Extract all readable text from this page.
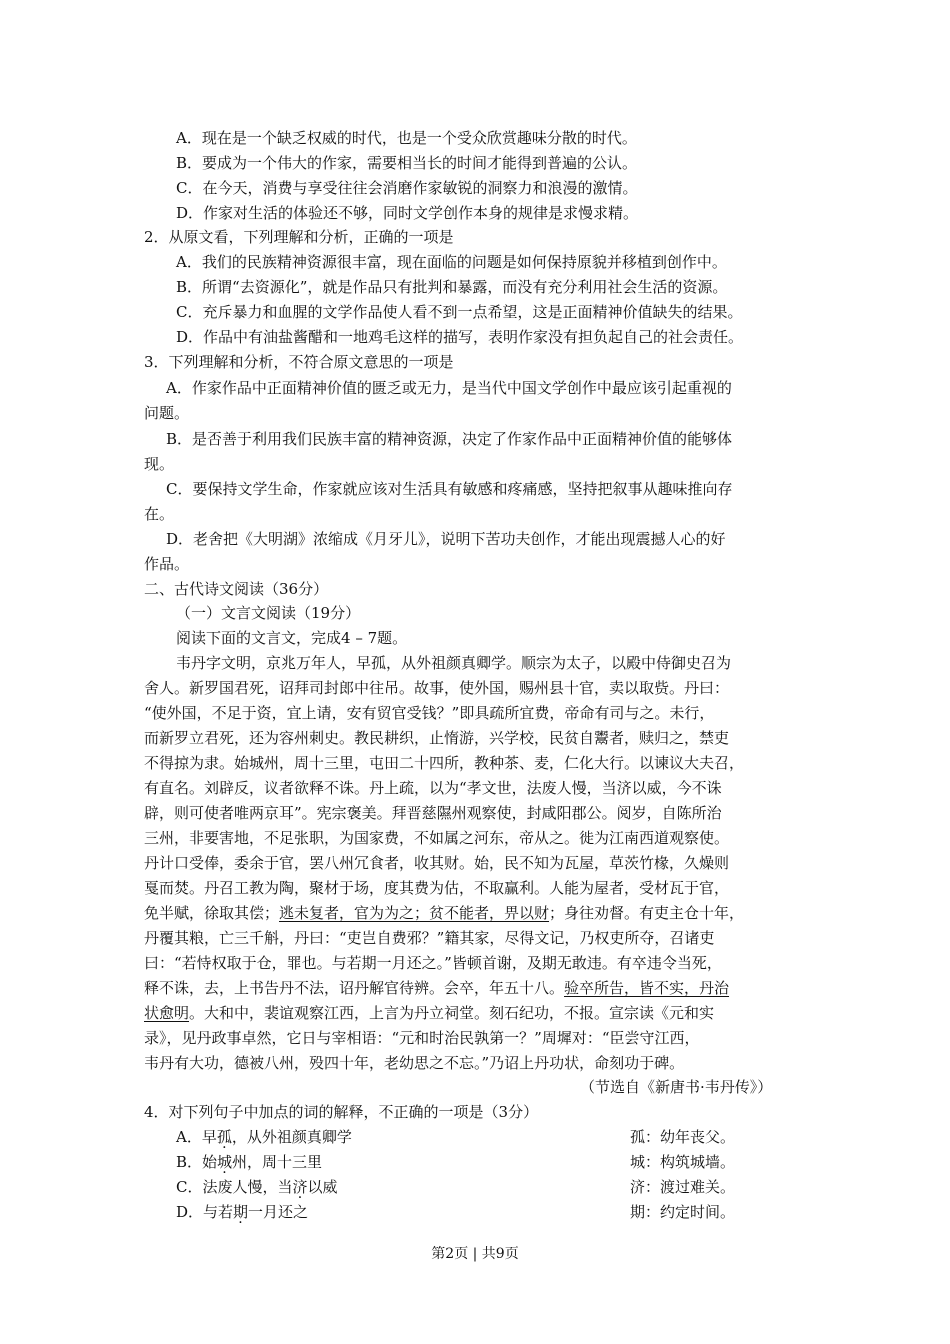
A．现在是一个缺乏权威的时代，也是一个受众欣赏趣味分散的时代。
B．要成为一个伟大的作家，需要相当长的时间才能得到普遍的公认。
C．在今天，消费与享受往往会消磨作家敏锐的洞察力和浪漫的激情。
D．作家对生活的体验还不够，同时文学创作本身的规律是求慢求精。
2．从原文看，下列理解和分析，正确的一项是
A．我们的民族精神资源很丰富，现在面临的问题是如何保持原貌并移植到创作中。
B．所谓“去资源化”，就是作品只有批判和暴露，而没有充分利用社会生活的资源。
C．充斥暴力和血腥的文学作品使人看不到一点希望，这是正面精神价值缺失的结果。
D．作品中有油盐酱醋和一地鸡毛这样的描写，表明作家没有担负起自己的社会责任。
3．下列理解和分析，不符合原文意思的一项是
A．作家作品中正面精神价值的匮乏或无力，是当代中国文学创作中最应该引起重视的
问题。
B．是否善于利用我们民族丰富的精神资源，决定了作家作品中正面精神价值的能够体
现。
C．要保持文学生命，作家就应该对生活具有敏感和疼痛感，坚持把叙事从趣味推向存
在。
D．老舍把《大明湖》浓缩成《月牙儿》，说明下苦功夫创作，才能出现震撼人心的好
作品。
二、古代诗文阅读（36分）
（一）文言文阅读（19分）
阅读下面的文言文，完成4 – 7题。
韦丹字文明，京兆万年人，早孤，从外祖颜真卿学。顺宗为太子，以殿中侍御史召为
舍人。新罗国君死，诏拜司封郎中往吊。故事，使外国，赐州县十官，卖以取赀。丹曰：
“使外国，不足于资，宜上请，安有贸官受钱？”即具疏所宜费，帝命有司与之。未行，
而新罗立君死，还为容州刺史。教民耕织，止惰游，兴学校，民贫自鬻者，赎归之，禁吏
不得掠为隶。始城州，周十三里，屯田二十四所，教种茶、麦，仁化大行。以谏议大夫召，
有直名。刘辟反，议者欲释不诛。丹上疏，以为“孝文世，法废人慢，当济以威，今不诛
辟，则可使者唯两京耳”。宪宗褒美。拜晋慈隰州观察使，封咸阳郡公。阅岁，自陈所治
三州，非要害地，不足张职，为国家费，不如属之河东，帝从之。徙为江南西道观察使。
丹计口受俸，委余于官，罢八州冗食者，收其财。始，民不知为瓦屋，草茨竹椽，久燥则
戛而焚。丹召工教为陶，聚材于场，度其费为估，不取赢利。人能为屋者，受材瓦于官，
免半赋，徐取其偿；逃未复者，官为为之；贫不能者，畀以财；身往劝督。有吏主仓十年，
丹覆其粮，亡三千斛，丹曰：“吏岂自费邪？”籍其家，尽得文记，乃权吏所夺，召诸吏
曰：“若恃权取于仓，罪也。与若期一月还之。”皆顿首谢，及期无敢违。有卒违令当死，
释不诛，去，上书告丹不法，诏丹解官待辨。会卒，年五十八。验卒所告，皆不实，丹治
状愈明。大和中，裴谊观察江西，上言为丹立祠堂。刻石纪功，不报。宣宗读《元和实
录》，见丹政事卓然，它日与宰相语：“元和时治民孰第一？”周墀对：“臣尝守江西，
韦丹有大功，德被八州，殁四十年，老幼思之不忘。”乃诏上丹功状，命刻功于碑。
（节选自《新唐书·韦丹传》）
4．对下列句子中加点的词的解释，不正确的一项是（3分）
A．早孤，从外祖颜真卿学	孤：幼年丧父。
B．始城州，周十三里	城：构筑城墙。
C．法废人慢，当济以威	济：渡过难关。
D．与若期一月还之	期：约定时间。
第2页 | 共9页
